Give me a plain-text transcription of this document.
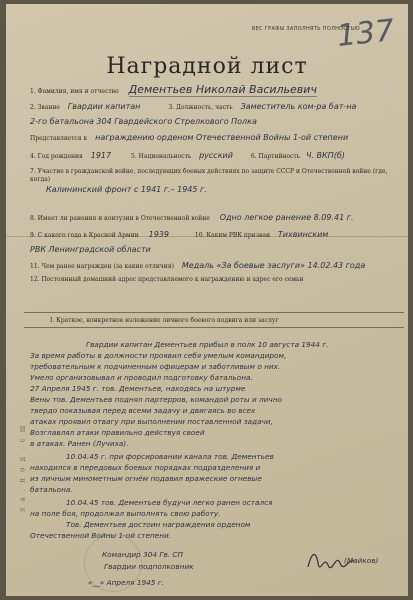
ВЕС ГРАФЫ ЗАПОЛНЯТЬ ПОЛНОСТЬЮ
137
Наградной лист
л а . п о д . с ш
1. Фамилия, имя и отчество Дементьев Николай Васильевич
2. Звание Гвардии капитан	3. Должность, часть Заместитель ком-ра бат-на
2-го батальона 304 Гвардейского Стрелкового Полка
Представляется к награждению орденом Отечественной Войны 1-ой степени
4. Год рождения 1917	5. Национальность русский	6. Партийность Ч. ВКП(б)
7. Участие в гражданской войне, последующих боевых действиях по защите СССР и Отечественной войне (где, когда)
Калининский фронт с 1941 г.– 1945 г.
8. Имеет ли ранения и контузии в Отечественной войне Одно легкое ранение 8.09.41 г.
9. С какого года в Красной Армии 1939	10. Каким РВК призван Тихвинским
РВК Ленинградской области
11. Чем ранее награжден (за какие отличия) Медаль «За боевые заслуги» 14.02.43 года
12. Постоянный домашний адрес представляемого к награждению и адрес его семьи
I. Краткое, конкретное изложение личного боевого подвига или заслуг
Гвардии капитан Дементьев прибыл в полк 10 августа 1944 г.
За время работы в должности проявил себя умелым командиром,
требовательным к подчиненным офицерам и заботливым о них.
Умело организовывал и проводил подготовку батальона.
27 Апреля 1945 г. тов. Дементьев, находясь на штурме
Вены тов. Дементьев поднял партерров, командой роты и лично
твердо показывая перед всеми задачу и двигаясь во всех
атаках проявил отвагу при выполнении поставленной задачи,
Возглавлял атаки правильно действуя своей
в атаках. Ранен (Лучиха).
10.04.45 г. при форсировании канала тов. Дементьев
находился в передовых боевых порядках подразделения и
из личным минометным огнём подавил вражеские огневые
батальона.
10.04.45 тов. Дементьев будучи легко ранен остался
на поле боя, продолжал выполнять свою работу.
Тов. Дементьев достоин награждения орденом
Отечественной Войны 1-ой степени.
Командир 304 Гв. СП
Гвардии подполковник
«__» Апреля 1945 г.
(Майков)
